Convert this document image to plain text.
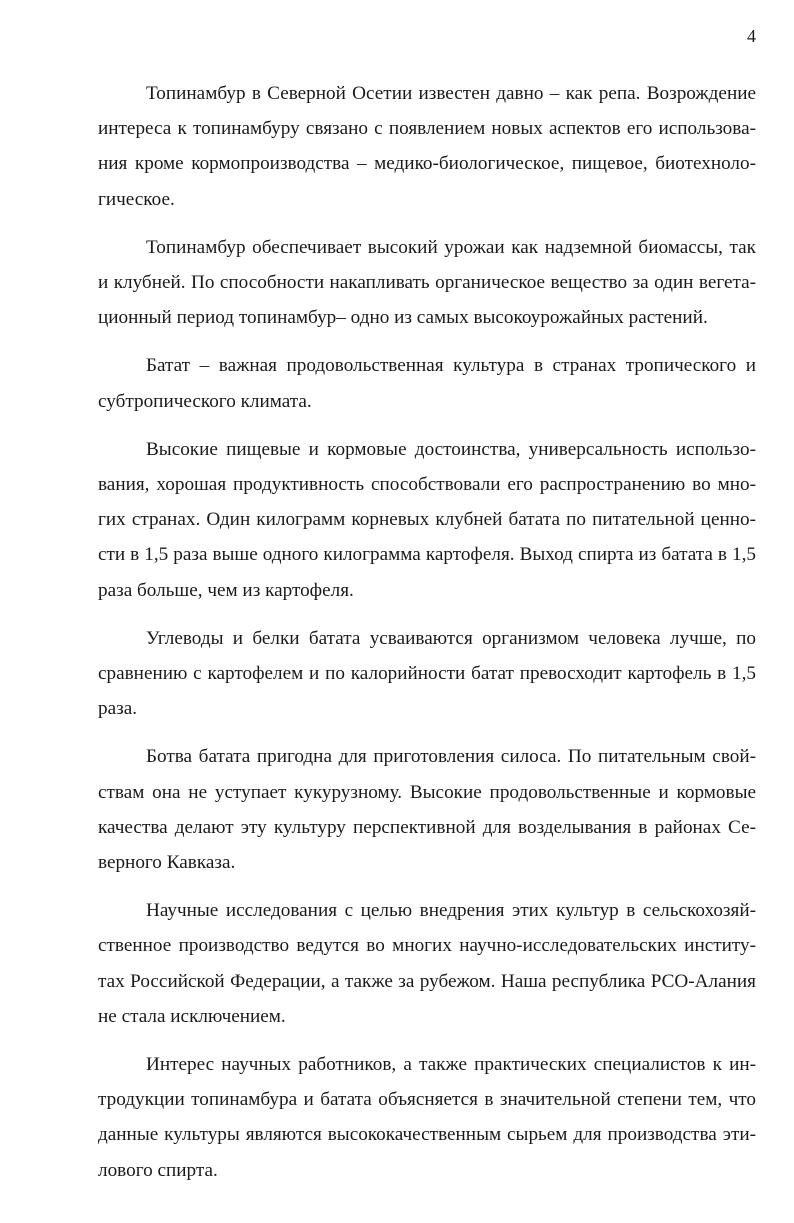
4

Топинамбур в Северной Осетии известен давно – как репа. Возрождение интереса к топинамбуру связано с появлением новых аспектов его использования кроме кормопроизводства – медико-биологическое, пищевое, биотехнологическое.

Топинамбур обеспечивает высокий урожаи как надземной биомассы, так и клубней. По способности накапливать органическое вещество за один вегетационный период топинамбур– одно из самых высокоурожайных растений.

Батат – важная продовольственная культура в странах тропического и субтропического климата.

Высокие пищевые и кормовые достоинства, универсальность использования, хорошая продуктивность способствовали его распространению во многих странах. Один килограмм корневых клубней батата по питательной ценности в 1,5 раза выше одного килограмма картофеля. Выход спирта из батата в 1,5 раза больше, чем из картофеля.

Углеводы и белки батата усваиваются организмом человека лучше, по сравнению с картофелем и по калорийности батат превосходит картофель в 1,5 раза.

Ботва батата пригодна для приготовления силоса. По питательным свойствам она не уступает кукурузному. Высокие продовольственные и кормовые качества делают эту культуру перспективной для возделывания в районах Северного Кавказа.

Научные исследования с целью внедрения этих культур в сельскохозяйственное производство ведутся во многих научно-исследовательских институтах Российской Федерации, а также за рубежом. Наша республика РСО-Алания не стала исключением.

Интерес научных работников, а также практических специалистов к интродукции топинамбура и батата объясняется в значительной степени тем, что данные культуры являются высококачественным сырьем для производства этилового спирта.
